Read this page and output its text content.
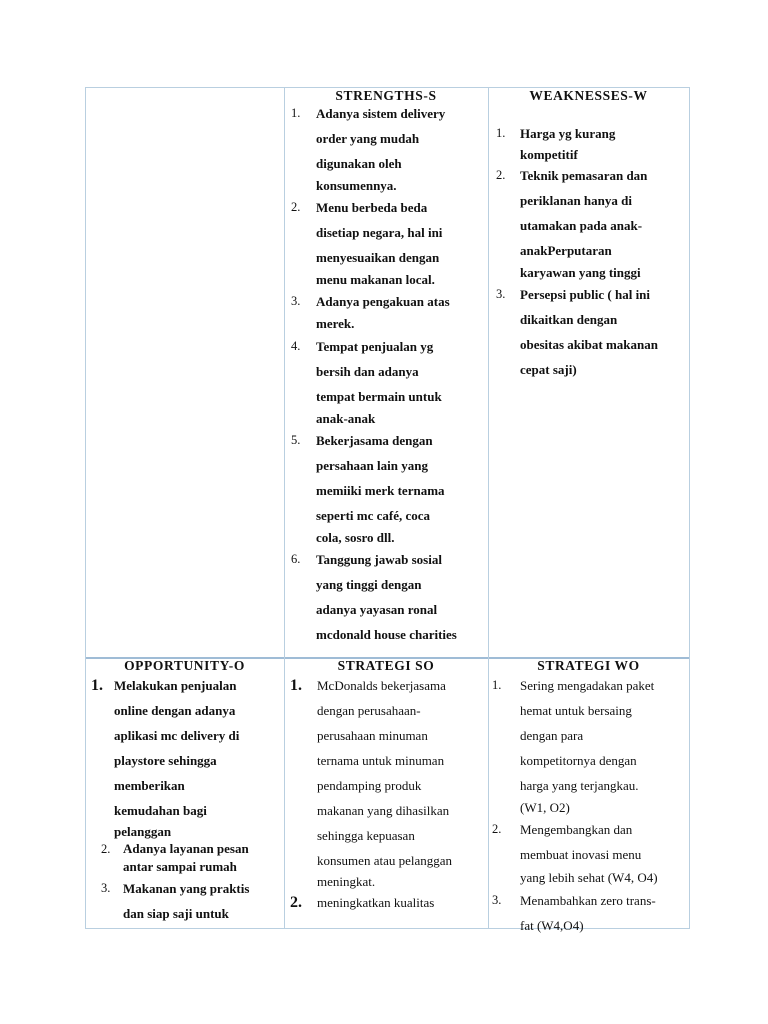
STRENGTHS-S
1. Adanya sistem delivery
order yang mudah
digunakan oleh
konsumennya.
2. Menu berbeda beda
disetiap negara, hal ini
menyesuaikan dengan
menu makanan local.
3. Adanya pengakuan atas
merek.
4. Tempat penjualan yg
bersih dan adanya
tempat bermain untuk
anak-anak
5. Bekerjasama dengan
persahaan lain yang
memiiki merk ternama
seperti mc café, coca
cola, sosro dll.
6. Tanggung jawab sosial
yang tinggi dengan
adanya yayasan ronal
mcdonald house charities
WEAKNESSES-W
1. Harga yg kurang
kompetitif
2. Teknik pemasaran dan
periklanan hanya di
utamakan pada anak-
anakPerputaran
karyawan yang tinggi
3. Persepsi public ( hal ini
dikaitkan dengan
obesitas akibat makanan
cepat saji)
OPPORTUNITY-O
1. Melakukan penjualan
online dengan adanya
aplikasi mc delivery di
playstore sehingga
memberikan
kemudahan bagi
pelanggan
2. Adanya layanan pesan
antar sampai rumah
3. Makanan yang praktis
dan siap saji untuk
STRATEGI SO
1. McDonalds bekerjasama
dengan perusahaan-
perusahaan minuman
ternama untuk minuman
pendamping produk
makanan yang dihasilkan
sehingga kepuasan
konsumen atau pelanggan
meningkat.
2. meningkatkan kualitas
STRATEGI WO
1. Sering mengadakan paket
hemat untuk bersaing
dengan para
kompetitornya dengan
harga yang terjangkau.
(W1, O2)
2. Mengembangkan dan
membuat inovasi menu
yang lebih sehat (W4, O4)
3. Menambahkan zero trans-
fat (W4,O4)
